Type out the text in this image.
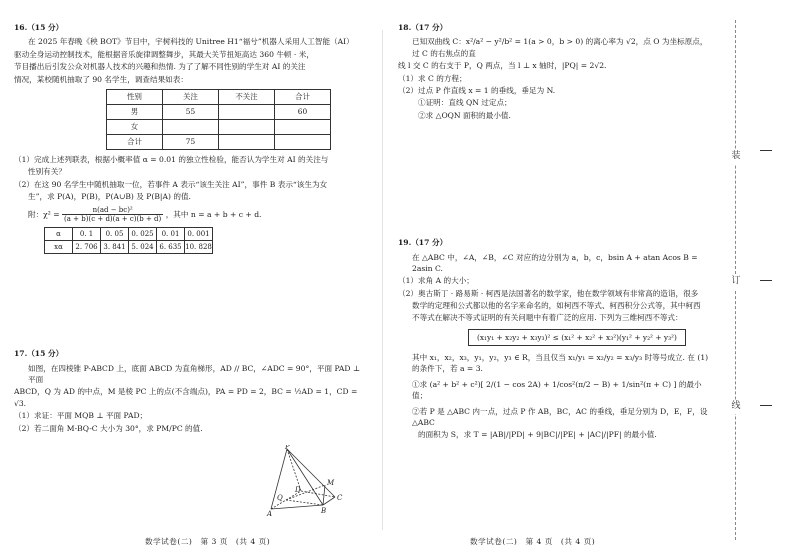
16.（15 分）
在 2025 年春晚《秧 BOT》节目中，宇树科技的 Unitree H1“福兮”机器人采用人工智能（AI）
驱动全身运动控制技术，能根据音乐旋律调整舞步，其最大关节扭矩高达 360 牛顿 · 米，
节目播出后引发公众对机器人技术的兴趣和热情. 为了了解不同性别的学生对 AI 的关注
情况，某校随机抽取了 90 名学生，调查结果如表：
性别	关注	不关注	合计
男	55		60
女			
合计	75		
（1）完成上述列联表，根据小概率值 α = 0.01 的独立性检验，能否认为学生对 AI 的关注与
性别有关？
（2）在这 90 名学生中随机抽取一位，若事件 A 表示“该生关注 AI”，事件 B 表示“该生为女
生”，求 P(A)，P(B)，P(A∪B) 及 P(B|A) 的值.
附：$\chi^2 = \frac{\text{n(ad − bc)²}}{(a + b)(c + d)(a + c)(b + d)}$ ，其中 n = a + b + c + d.
α	0. 1	0. 05	0. 025	0. 01	0. 001
xα	2. 706	3. 841	5. 024	6. 635	10. 828
17.（15 分）
如图，在四棱锥 P-ABCD 上，底面 ABCD 为直角梯形，AD // BC，∠ADC = 90°，平面 PAD ⊥ 平面
ABCD，Q 为 AD 的中点，M 是棱 PC 上的点(不含端点)，PA = PD = 2，BC = ½AD = 1，CD = √3.
（1）求证：平面 MQB ⊥ 平面 PAD；
（2）若二面角 M-BQ-C 大小为 30°，求 PM/PC 的值.
P
M
Q
D
C
A	B
数学试卷(二)　第 3 页　(共 4 页)
18.（17 分）
已知双曲线 C：x²/a² − y²/b² = 1(a > 0，b > 0) 的离心率为 √2，点 O 为坐标原点，过 C 的右焦点的直
线 l 交 C 的右支于 P，Q 两点，当 l ⊥ x 轴时，|PQ| = 2√2.
（1）求 C 的方程；
（2）过点 P 作直线 x = 1 的垂线，垂足为 N.
①证明：直线 QN 过定点；
②求 △OQN 面积的最小值.
19.（17 分）
在 △ABC 中，∠A，∠B，∠C 对应的边分别为 a，b，c，bsin A + atan Acos B = 2asin C.
（1）求角 A 的大小；
（2）奥古斯丁 · 路易斯 · 柯西是法国著名的数学家，他在数学领域有非常高的造诣，很多
数学的定理和公式都以他的名字来命名的，如柯西不等式、柯西积分公式等，其中柯西
不等式在解决不等式证明的有关问题中有着广泛的应用. 下列为三维柯西不等式：
(x₁y₁ + x₂y₂ + x₃y₃)² ≤ (x₁² + x₂² + x₃²)(y₁² + y₂² + y₃²)
其中 x₁，x₂，x₃，y₁，y₂，y₃ ∈ R，当且仅当 x₁/y₁ = x₂/y₂ = x₃/y₃ 时等号成立. 在 (1) 的条件下，若 a = 3.
①求 (a² + b² + c²)[ 2/(1 − cos 2A) + 1/cos²(π/2 − B) + 1/sin²(π + C) ] 的最小值；
②若 P 是 △ABC 内一点，过点 P 作 AB，BC，AC 的垂线，垂足分别为 D，E，F，设 △ABC
的面积为 S，求 T = |AB|/|PD| + 9|BC|/|PE| + |AC|/|PF| 的最小值.
数学试卷(二)　第 4 页　(共 4 页)
装
订
线
